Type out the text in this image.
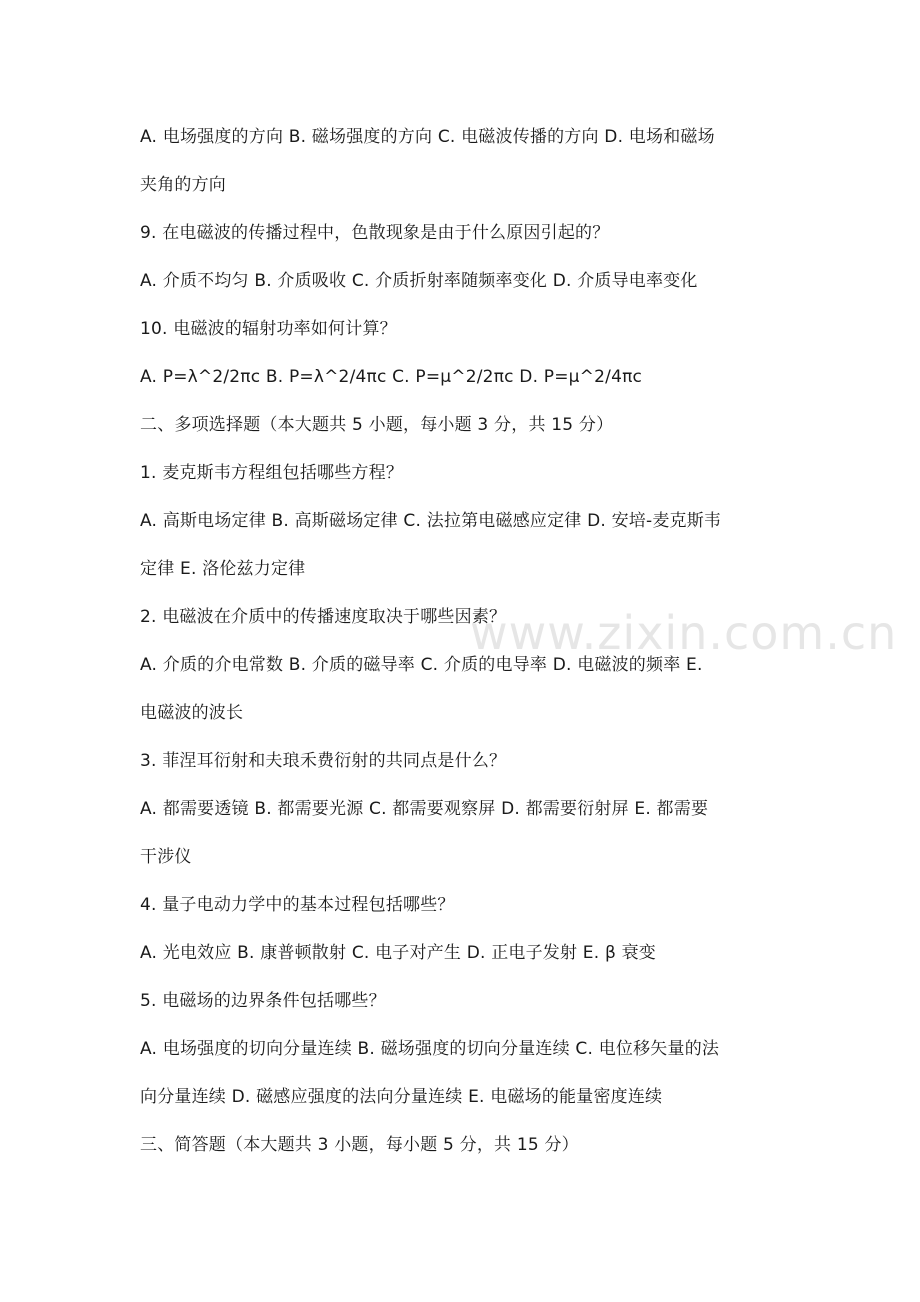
www.zixin.com.cn
A. 电场强度的方向 B. 磁场强度的方向 C. 电磁波传播的方向 D. 电场和磁场
夹角的方向
9. 在电磁波的传播过程中，色散现象是由于什么原因引起的？
A. 介质不均匀 B. 介质吸收 C. 介质折射率随频率变化 D. 介质导电率变化
10. 电磁波的辐射功率如何计算？
A. P=λ^2/2πc B. P=λ^2/4πc C. P=μ^2/2πc D. P=μ^2/4πc
二、多项选择题（本大题共 5 小题，每小题 3 分，共 15 分）
1. 麦克斯韦方程组包括哪些方程？
A. 高斯电场定律 B. 高斯磁场定律 C. 法拉第电磁感应定律 D. 安培-麦克斯韦
定律 E. 洛伦兹力定律
2. 电磁波在介质中的传播速度取决于哪些因素？
A. 介质的介电常数 B. 介质的磁导率 C. 介质的电导率 D. 电磁波的频率 E.
电磁波的波长
3. 菲涅耳衍射和夫琅禾费衍射的共同点是什么？
A. 都需要透镜 B. 都需要光源 C. 都需要观察屏 D. 都需要衍射屏 E. 都需要
干涉仪
4. 量子电动力学中的基本过程包括哪些？
A. 光电效应 B. 康普顿散射 C. 电子对产生 D. 正电子发射 E. β 衰变
5. 电磁场的边界条件包括哪些？
A. 电场强度的切向分量连续 B. 磁场强度的切向分量连续 C. 电位移矢量的法
向分量连续 D. 磁感应强度的法向分量连续 E. 电磁场的能量密度连续
三、简答题（本大题共 3 小题，每小题 5 分，共 15 分）
